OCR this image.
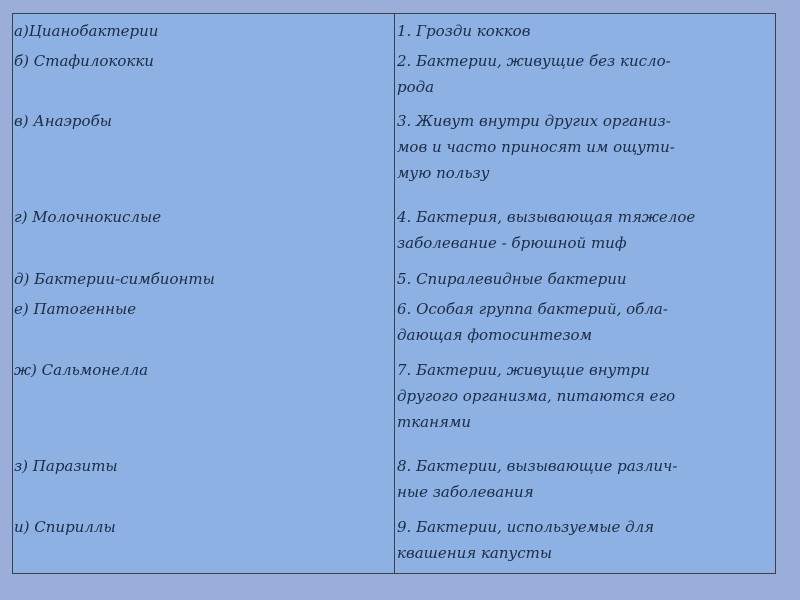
а)Цианобактерии
б) Стафилококки
в) Анаэробы
г) Молочнокислые
д) Бактерии-симбионты
е) Патогенные
ж) Сальмонелла
з) Паразиты
и) Спириллы
1. Грозди кокков
2. Бактерии, живущие без кисло-
рода
3. Живут внутри других организ-
мов и часто приносят им ощути-
мую пользу
4. Бактерия, вызывающая тяжелое
заболевание - брюшной тиф
5. Спиралевидные бактерии
6. Особая группа бактерий, обла-
дающая фотосинтезом
7. Бактерии, живущие внутри
другого организма, питаются его
тканями
8. Бактерии, вызывающие различ-
ные заболевания
9. Бактерии, используемые для
квашения капусты
